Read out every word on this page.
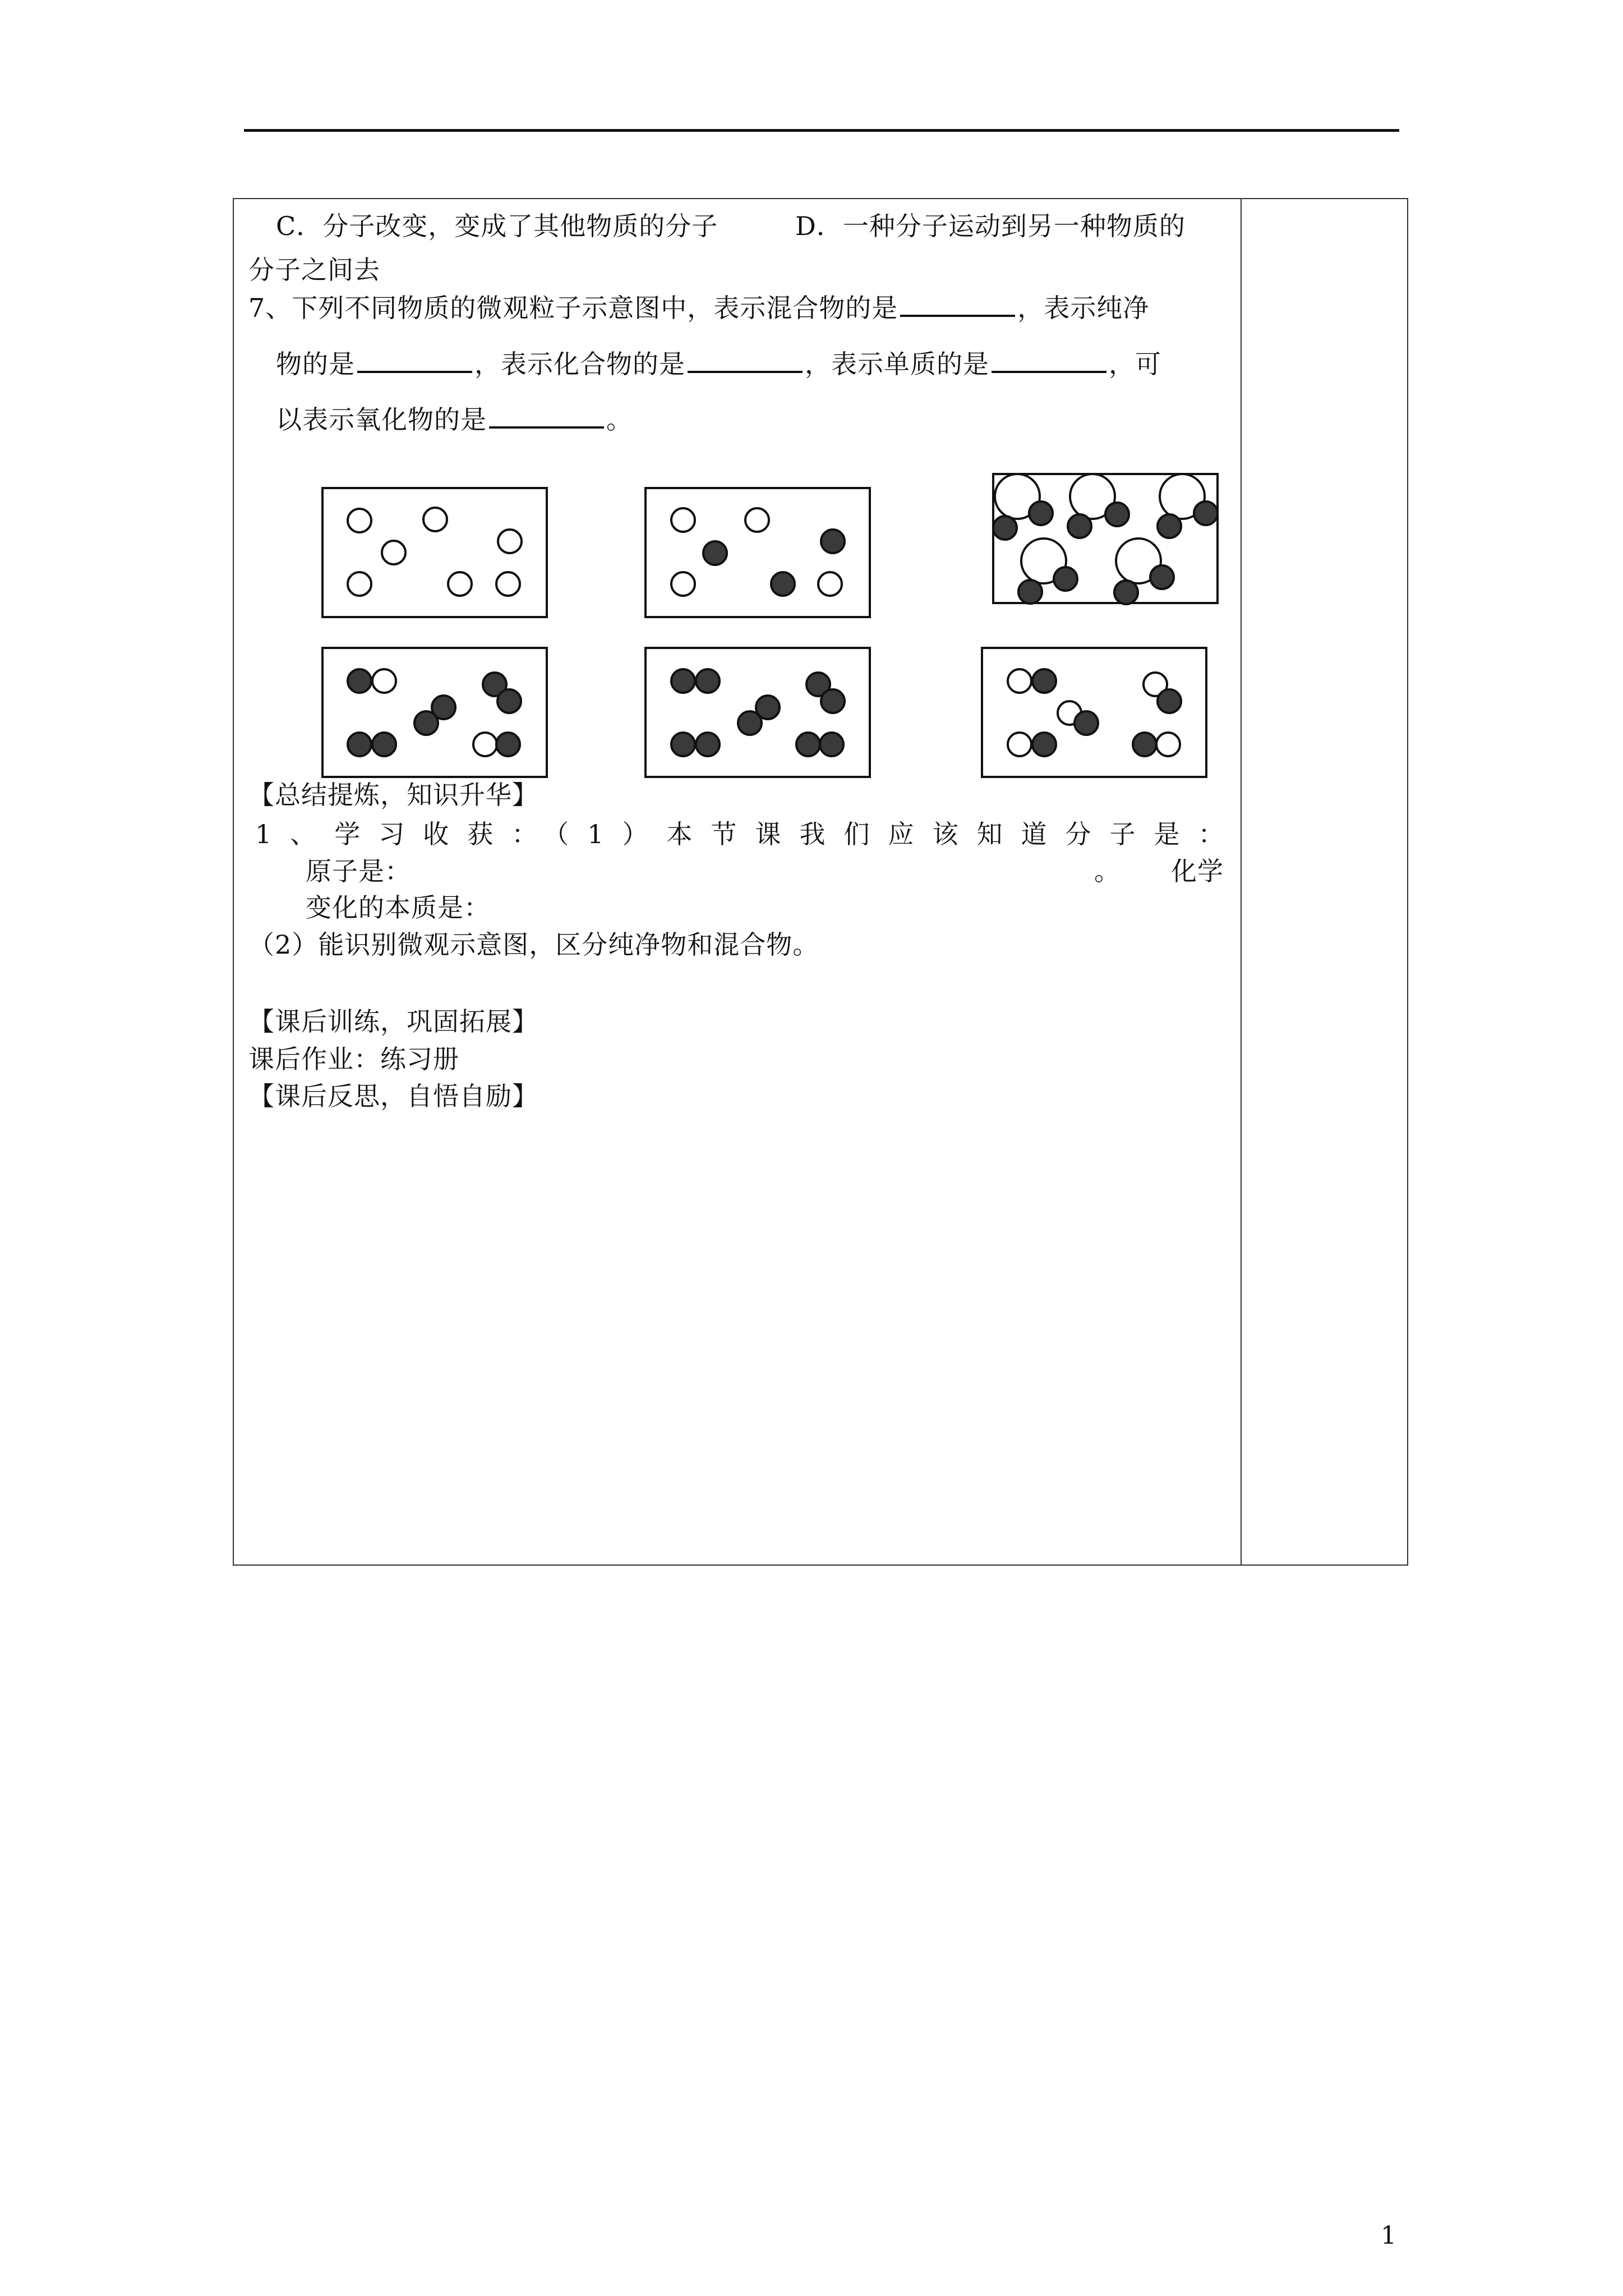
C．分子改变，变成了其他物质的分子	D．一种分子运动到另一种物质的
分子之间去
7、下列不同物质的微观粒子示意图中，表示混合物的是	，表示纯净
物的是	，表示化合物的是	，表示单质的是	，可
以表示氧化物的是	。
【总结提炼，知识升华】
1、学习收获：（1）本节课我们应该知道分子是：
原子是：	。 化学
变化的本质是：
（2）能识别微观示意图，区分纯净物和混合物。
【课后训练，巩固拓展】
课后作业：练习册
【课后反思，自悟自励】
1
